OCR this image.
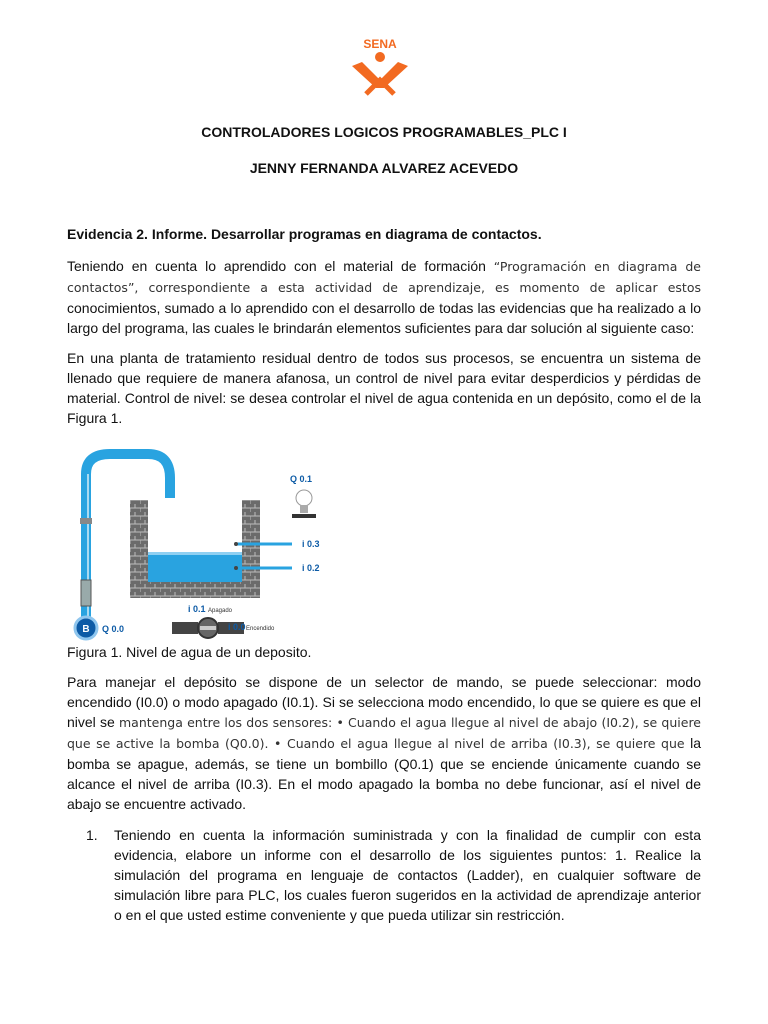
SENA
CONTROLADORES LOGICOS PROGRAMABLES_PLC I
JENNY FERNANDA ALVAREZ ACEVEDO

Evidencia 2. Informe. Desarrollar programas en diagrama de contactos.

Teniendo en cuenta lo aprendido con el material de formación “Programación en diagrama de contactos”, correspondiente a esta actividad de aprendizaje, es momento de aplicar estos conocimientos, sumado a lo aprendido con el desarrollo de todas las evidencias que ha realizado a lo largo del programa, las cuales le brindarán elementos suficientes para dar solución al siguiente caso:

En una planta de tratamiento residual dentro de todos sus procesos, se encuentra un sistema de llenado que requiere de manera afanosa, un control de nivel para evitar desperdicios y pérdidas de material. Control de nivel: se desea controlar el nivel de agua contenida en un depósito, como el de la Figura 1.

B Q 0.0
i 0.3
i 0.2
Q 0.1
i 0.1 Apagado
i 0.0 Encendido
Figura 1. Nivel de agua de un deposito.

Para manejar el depósito se dispone de un selector de mando, se puede seleccionar: modo encendido (I0.0) o modo apagado (I0.1). Si se selecciona modo encendido, lo que se quiere es que el nivel se mantenga entre los dos sensores: • Cuando el agua llegue al nivel de abajo (I0.2), se quiere que se active la bomba (Q0.0). • Cuando el agua llegue al nivel de arriba (I0.3), se quiere que la bomba se apague, además, se tiene un bombillo (Q0.1) que se enciende únicamente cuando se alcance el nivel de arriba (I0.3). En el modo apagado la bomba no debe funcionar, así el nivel de abajo se encuentre activado.

1. Teniendo en cuenta la información suministrada y con la finalidad de cumplir con esta evidencia, elabore un informe con el desarrollo de los siguientes puntos: 1. Realice la simulación del programa en lenguaje de contactos (Ladder), en cualquier software de simulación libre para PLC, los cuales fueron sugeridos en la actividad de aprendizaje anterior o en el que usted estime conveniente y que pueda utilizar sin restricción.
